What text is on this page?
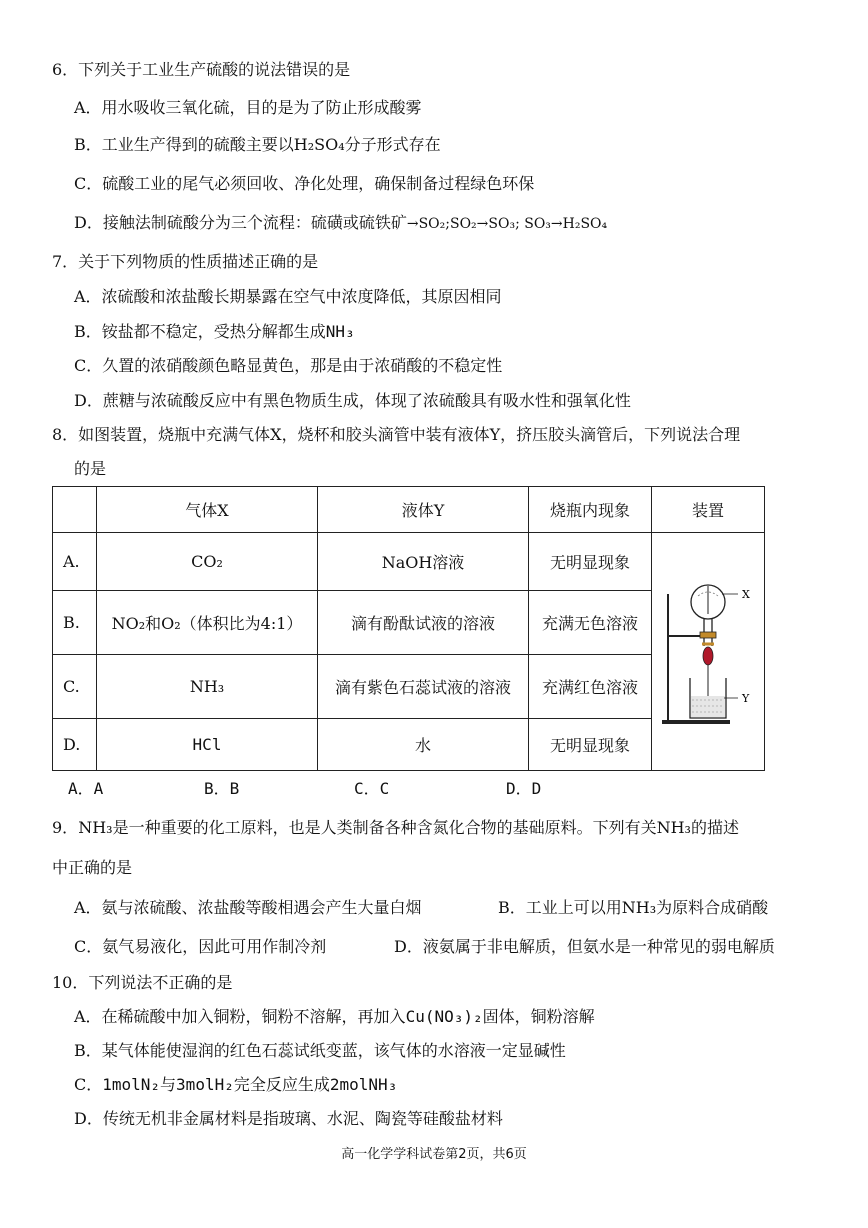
6．下列关于工业生产硫酸的说法错误的是
A．用水吸收三氧化硫，目的是为了防止形成酸雾
B．工业生产得到的硫酸主要以H₂SO₄分子形式存在
C．硫酸工业的尾气必须回收、净化处理，确保制备过程绿色环保
D．接触法制硫酸分为三个流程：硫磺或硫铁矿→SO₂;SO₂→SO₃; SO₃→H₂SO₄
7．关于下列物质的性质描述正确的是
A．浓硫酸和浓盐酸长期暴露在空气中浓度降低，其原因相同
B．铵盐都不稳定，受热分解都生成NH₃
C．久置的浓硝酸颜色略显黄色，那是由于浓硝酸的不稳定性
D．蔗糖与浓硫酸反应中有黑色物质生成，体现了浓硫酸具有吸水性和强氧化性
8．如图装置，烧瓶中充满气体X，烧杯和胶头滴管中装有液体Y，挤压胶头滴管后，下列说法合理
的是
	气体X	液体Y	烧瓶内现象	装置
A.	CO₂	NaOH溶液	无明显现象	X
Y

B.	NO₂和O₂（体积比为4:1）	滴有酚酞试液的溶液	充满无色溶液	
C.	NH₃	滴有紫色石蕊试液的溶液	充满红色溶液	
D.	HCl	水	无明显现象	
A．A	B．B	C．C	D．D
9．NH₃是一种重要的化工原料，也是人类制备各种含氮化合物的基础原料。下列有关NH₃的描述
中正确的是
A．氨与浓硫酸、浓盐酸等酸相遇会产生大量白烟	B．工业上可以用NH₃为原料合成硝酸
C．氨气易液化，因此可用作制冷剂	D．液氨属于非电解质，但氨水是一种常见的弱电解质
10．下列说法不正确的是
A．在稀硫酸中加入铜粉，铜粉不溶解，再加入Cu(NO₃)₂固体，铜粉溶解
B．某气体能使湿润的红色石蕊试纸变蓝，该气体的水溶液一定显碱性
C．1molN₂与3molH₂完全反应生成2molNH₃
D．传统无机非金属材料是指玻璃、水泥、陶瓷等硅酸盐材料
高一化学学科试卷第2页，共6页
